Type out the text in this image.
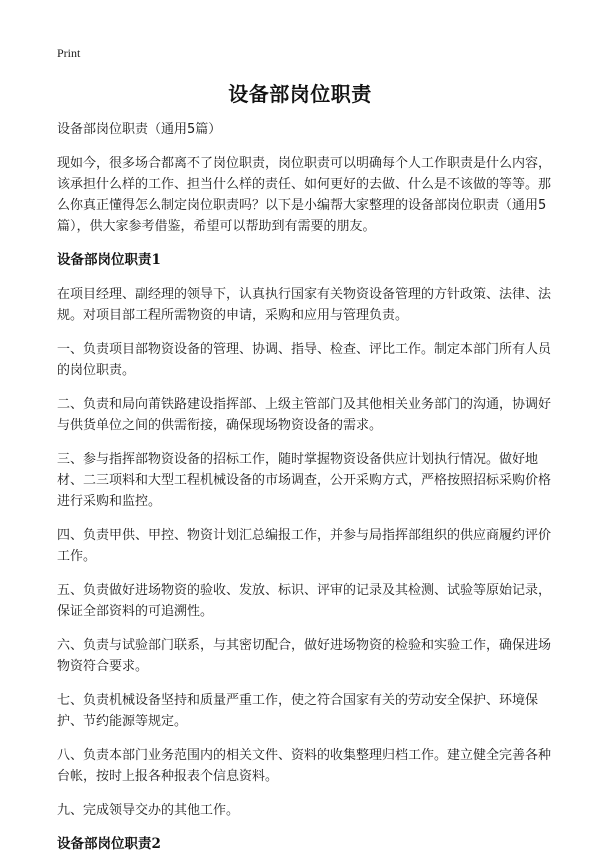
Print
设备部岗位职责

设备部岗位职责（通用5篇）

现如今，很多场合都离不了岗位职责，岗位职责可以明确每个人工作职责是什么内容，该承担什么样的工作、担当什么样的责任、如何更好的去做、什么是不该做的等等。那么你真正懂得怎么制定岗位职责吗？以下是小编帮大家整理的设备部岗位职责（通用5篇），供大家参考借鉴，希望可以帮助到有需要的朋友。

设备部岗位职责1

在项目经理、副经理的领导下，认真执行国家有关物资设备管理的方针政策、法律、法规。对项目部工程所需物资的申请，采购和应用与管理负责。

一、负责项目部物资设备的管理、协调、指导、检查、评比工作。制定本部门所有人员的岗位职责。

二、负责和局向莆铁路建设指挥部、上级主管部门及其他相关业务部门的沟通，协调好与供货单位之间的供需衔接，确保现场物资设备的需求。

三、参与指挥部物资设备的招标工作，随时掌握物资设备供应计划执行情况。做好地材、二三项料和大型工程机械设备的市场调查，公开采购方式，严格按照招标采购价格进行采购和监控。

四、负责甲供、甲控、物资计划汇总编报工作，并参与局指挥部组织的供应商履约评价工作。

五、负责做好进场物资的验收、发放、标识、评审的记录及其检测、试验等原始记录，保证全部资料的可追溯性。

六、负责与试验部门联系，与其密切配合，做好进场物资的检验和实验工作，确保进场物资符合要求。

七、负责机械设备坚持和质量严重工作，使之符合国家有关的劳动安全保护、环境保护、节约能源等规定。

八、负责本部门业务范围内的相关文件、资料的收集整理归档工作。建立健全完善各种台帐，按时上报各种报表个信息资料。

九、完成领导交办的其他工作。

设备部岗位职责2
